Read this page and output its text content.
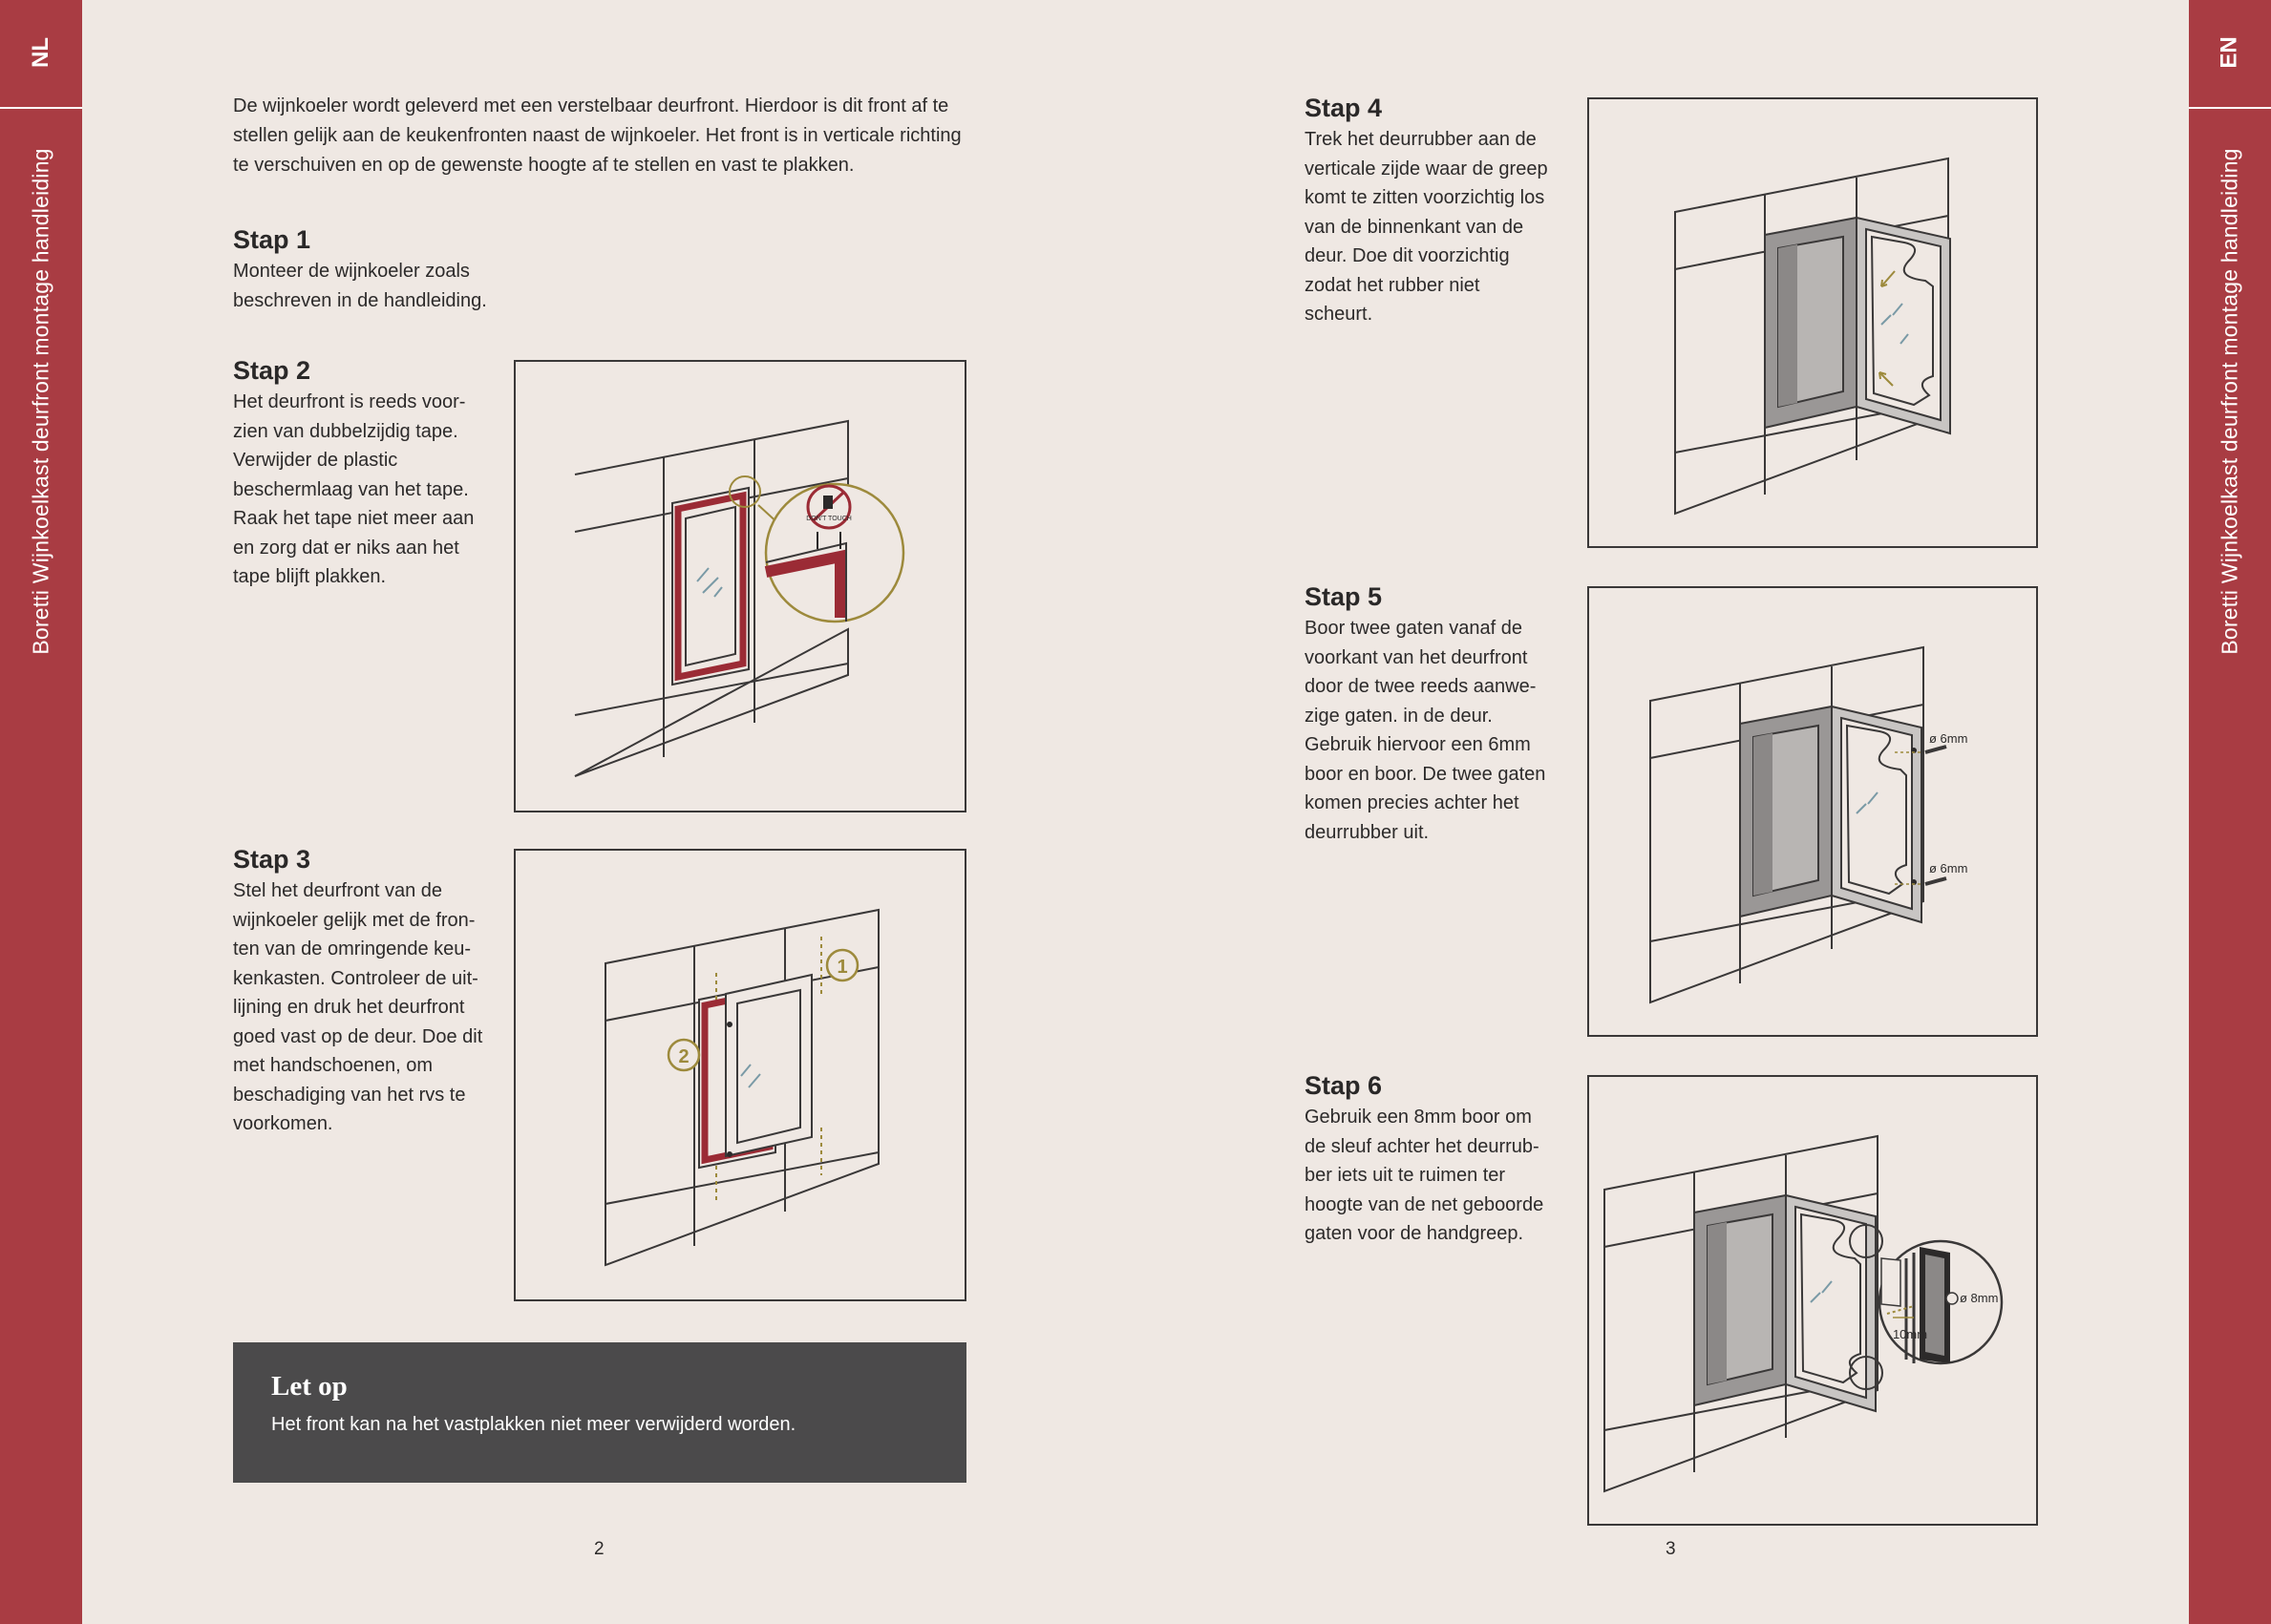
NL
Boretti Wijnkoelkast deurfront montage handleiding
EN
Boretti Wijnkoelkast deurfront montage handleiding

De wijnkoeler wordt geleverd met een verstelbaar deurfront. Hierdoor is dit front af te stellen gelijk aan de keukenfronten naast de wijnkoeler. Het front is in verticale richting te verschuiven en op de gewenste hoogte af te stellen en vast te plakken.

Stap 1

Monteer de wijnkoeler zoals beschreven in de handleiding.

Stap 2

Het deurfront is reeds voor-zien van dubbelzijdig tape. Verwijder de plastic beschermlaag van het tape. Raak het tape niet meer aan en zorg dat er niks aan het tape blijft plakken.

Stap 3

Stel het deurfront van de wijnkoeler gelijk met de fron-ten van de omringende keu-kenkasten. Controleer de uit-lijning en druk het deurfront goed vast op de deur. Doe dit met handschoenen, om beschadiging van het rvs te voorkomen.

Stap 4

Trek het deurrubber aan de verticale zijde waar de greep komt te zitten voorzichtig los van de binnenkant van de deur. Doe dit voorzichtig zodat het rubber niet scheurt.

Stap 5

Boor twee gaten vanaf de voorkant van het deurfront door de twee reeds aanwe-zige gaten. in de deur. Gebruik hiervoor een 6mm boor en boor. De twee gaten komen precies achter het deurrubber uit.

Stap 6

Gebruik een 8mm boor om de sleuf achter het deurrub-ber iets uit te ruimen ter hoogte van de net geboorde gaten voor de handgreep.

DON'T TOUCH
1
2
ø 6mm
ø 6mm
ø 8mm
10mm
Let op

Het front kan na het vastplakken niet meer verwijderd worden.

2	3
